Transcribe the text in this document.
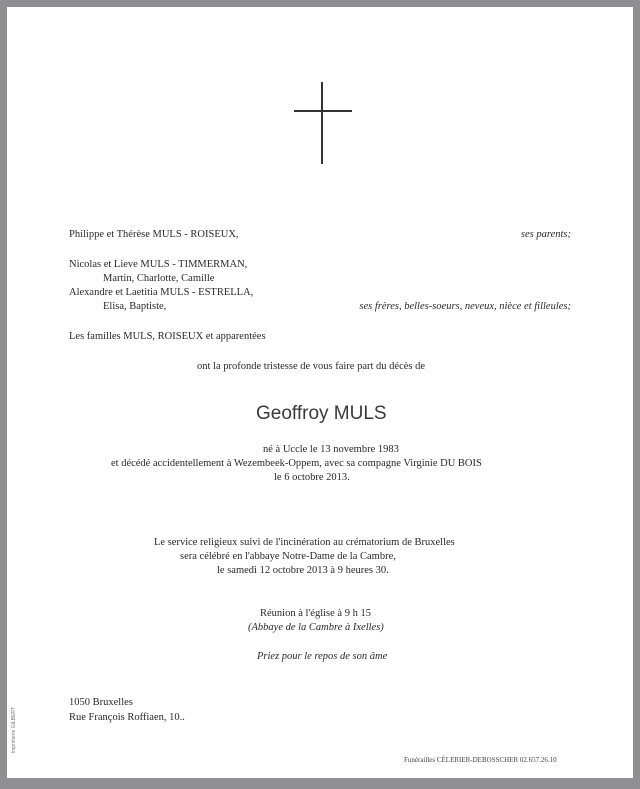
Philippe et Thérèse MULS - ROISEUX,	ses parents;
Nicolas et Lieve MULS - TIMMERMAN,
Martin, Charlotte, Camille
Alexandre et Laetitia MULS - ESTRELLA,
Elisa, Baptiste,	ses frères, belles-soeurs, neveux, nièce et filleules;
Les familles MULS, ROISEUX et apparentées
ont la profonde tristesse de vous faire part du décès de
Geoffroy MULS
né à Uccle le 13 novembre 1983
et décédé accidentellement à Wezembeek-Oppem, avec sa compagne Virginie DU BOIS
le 6 octobre 2013.
Le service religieux suivi de l'incinération au crématorium de Bruxelles
sera célébré en l'abbaye Notre-Dame de la Cambre,
le samedi 12 octobre 2013 à 9 heures 30.
Réunion à l'église à 9 h 15
(Abbaye de la Cambre à Ixelles)
Priez pour le repos de son âme
1050 Bruxelles
Rue François Roffiaen, 10..
Funérailles CÉLERIER-DEBOSSCHER 02.657.26.10
Imprimerie GILBERT
